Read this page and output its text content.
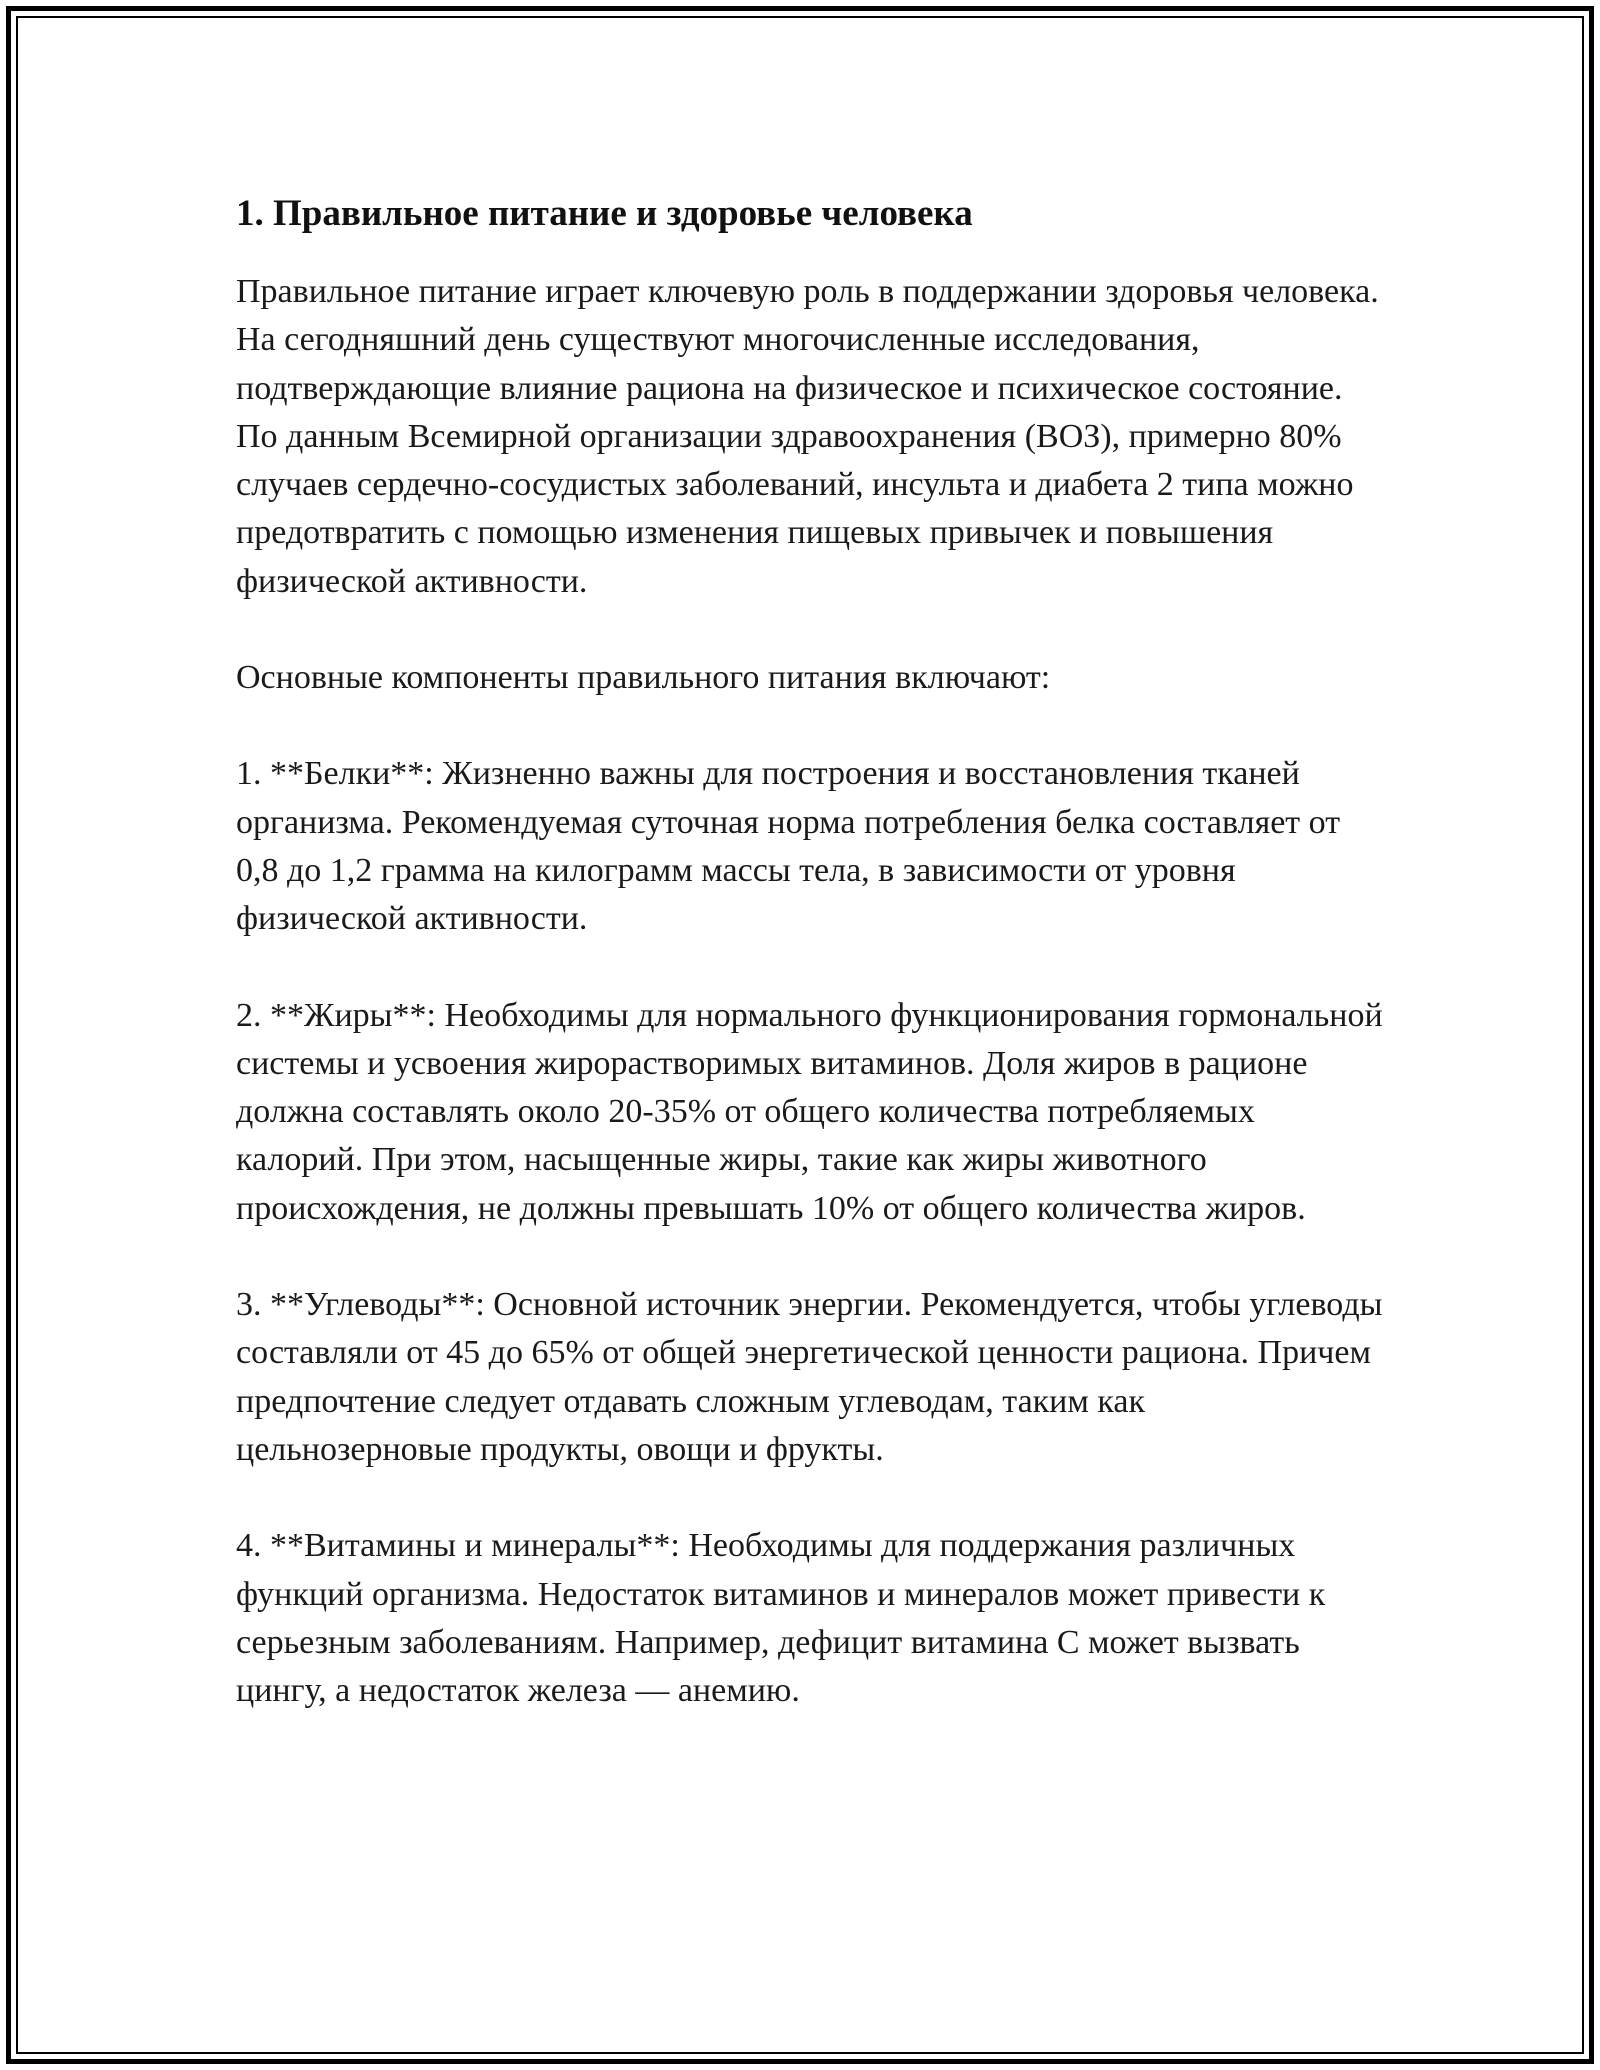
1. Правильное питание и здоровье человека

Правильное питание играет ключевую роль в поддержании здоровья человека. На сегодняшний день существуют многочисленные исследования, подтверждающие влияние рациона на физическое и психическое состояние. По данным Всемирной организации здравоохранения (ВОЗ), примерно 80% случаев сердечно-сосудистых заболеваний, инсульта и диабета 2 типа можно предотвратить с помощью изменения пищевых привычек и повышения физической активности.

Основные компоненты правильного питания включают:

1. **Белки**: Жизненно важны для построения и восстановления тканей организма. Рекомендуемая суточная норма потребления белка составляет от 0,8 до 1,2 грамма на килограмм массы тела, в зависимости от уровня физической активности.

2. **Жиры**: Необходимы для нормального функционирования гормональной системы и усвоения жирорастворимых витаминов. Доля жиров в рационе должна составлять около 20-35% от общего количества потребляемых калорий. При этом, насыщенные жиры, такие как жиры животного происхождения, не должны превышать 10% от общего количества жиров.

3. **Углеводы**: Основной источник энергии. Рекомендуется, чтобы углеводы составляли от 45 до 65% от общей энергетической ценности рациона. Причем предпочтение следует отдавать сложным углеводам, таким как цельнозерновые продукты, овощи и фрукты.

4. **Витамины и минералы**: Необходимы для поддержания различных функций организма. Недостаток витаминов и минералов может привести к серьезным заболеваниям. Например, дефицит витамина С может вызвать цингу, а недостаток железа — анемию.
